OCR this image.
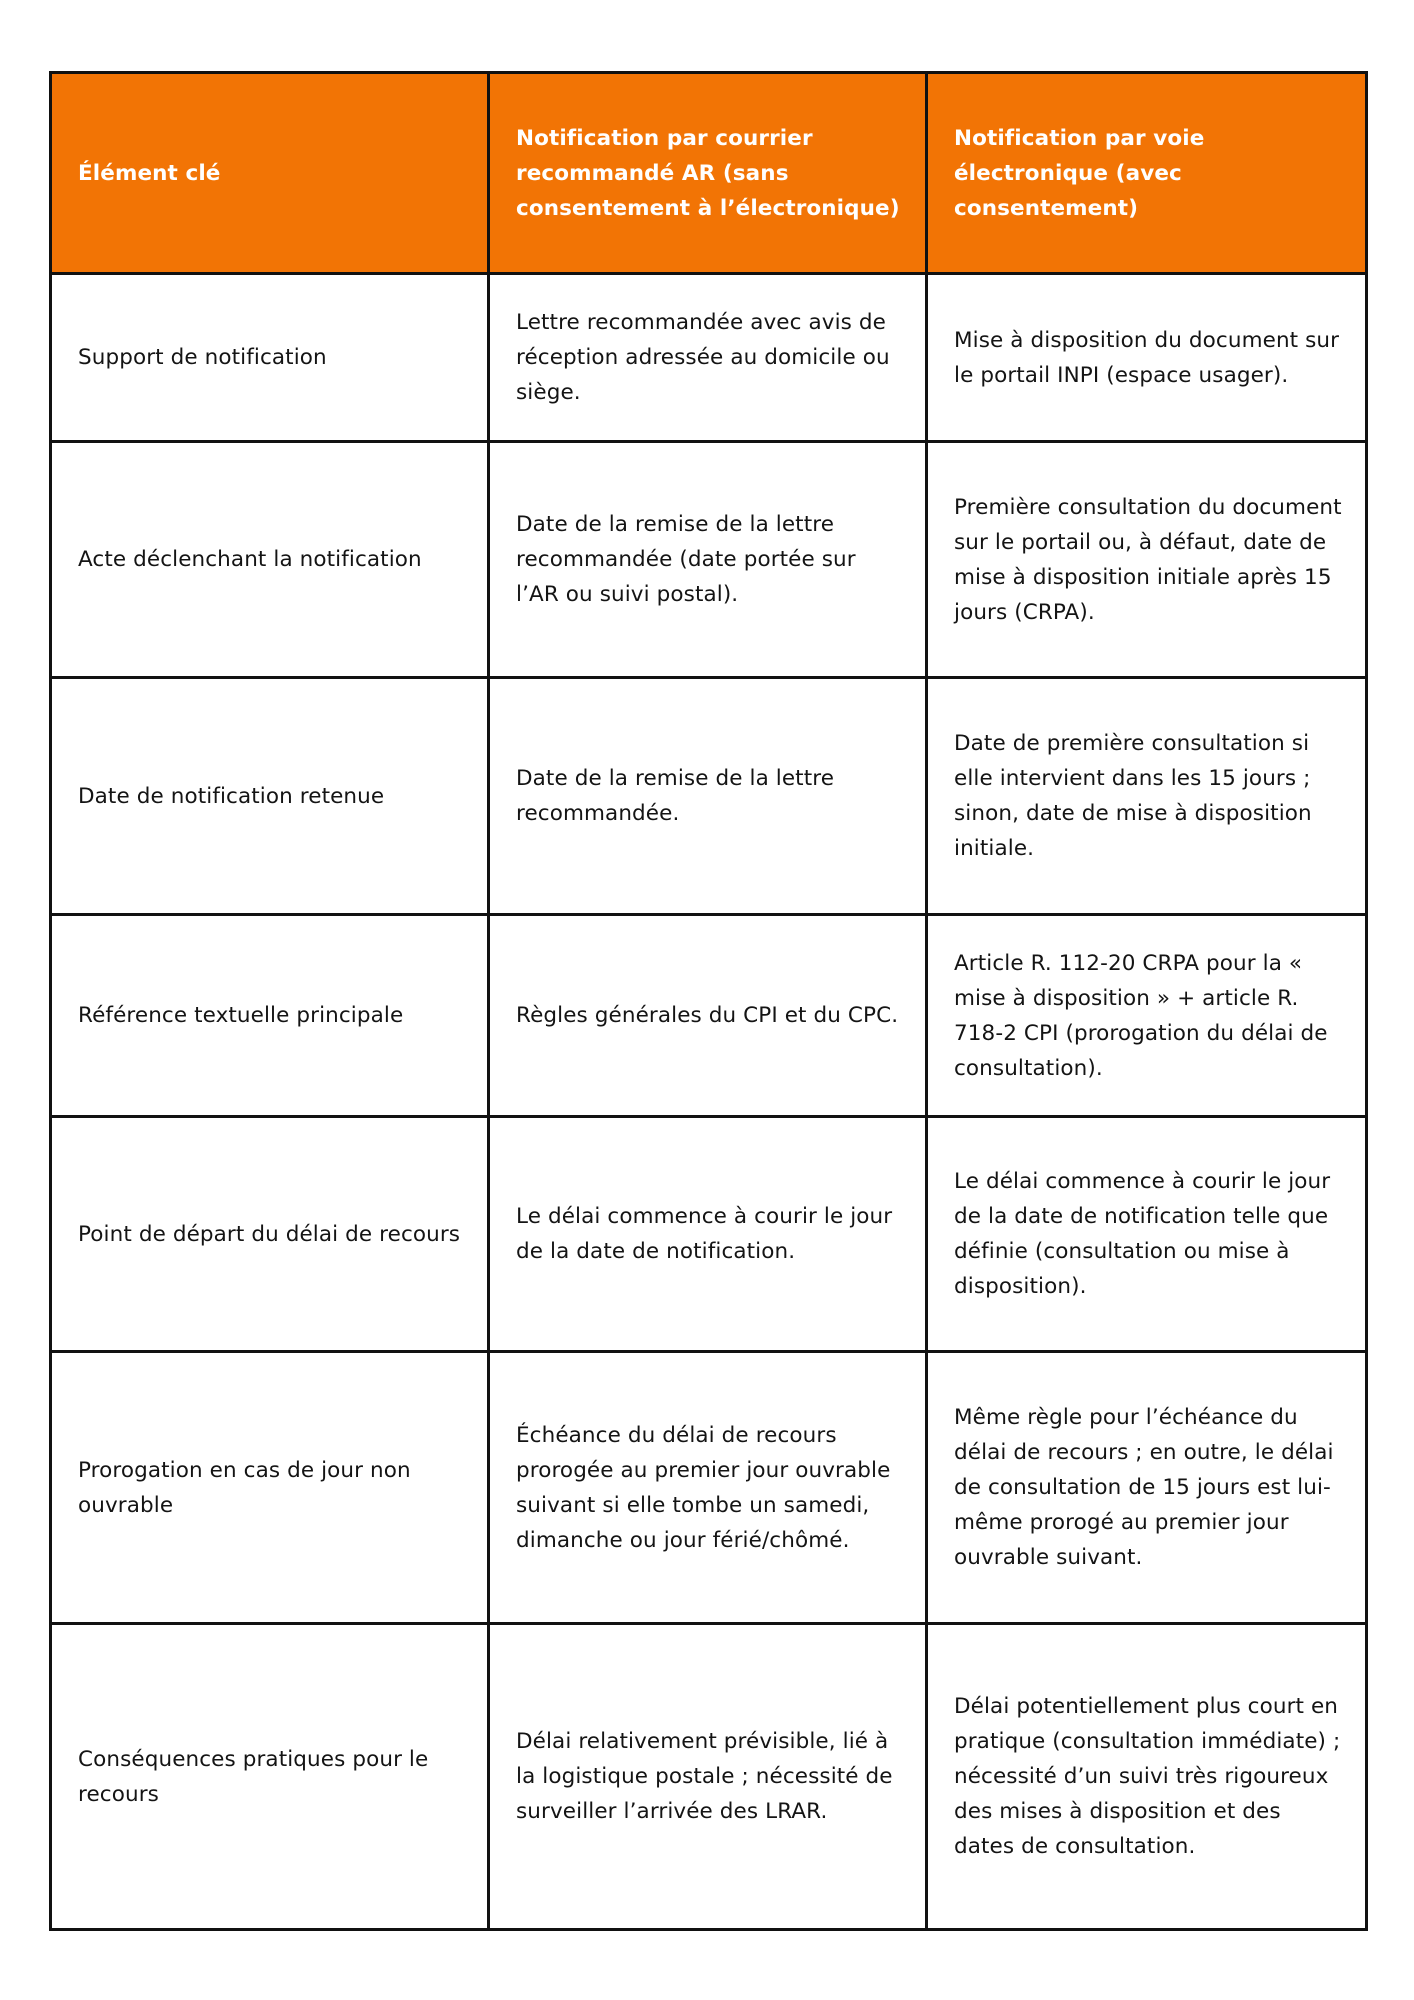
Élément clé	Notification par courrier recommandé AR (sans consentement à l’électronique)	Notification par voie électronique (avec consentement)
Support de notification	Lettre recommandée avec avis de réception adressée au domicile ou siège.	Mise à disposition du document sur le portail INPI (espace usager).
Acte déclenchant la notification	Date de la remise de la lettre recommandée (date portée sur l’AR ou suivi postal).	Première consultation du document sur le portail ou, à défaut, date de mise à disposition initiale après 15 jours (CRPA).
Date de notification retenue	Date de la remise de la lettre recommandée.	Date de première consultation si elle intervient dans les 15 jours ; sinon, date de mise à disposition initiale.
Référence textuelle principale	Règles générales du CPI et du CPC.	Article R. 112-20 CRPA pour la « mise à disposition » + article R. 718-2 CPI (prorogation du délai de consultation).
Point de départ du délai de recours	Le délai commence à courir le jour de la date de notification.	Le délai commence à courir le jour de la date de notification telle que définie (consultation ou mise à disposition).
Prorogation en cas de jour non ouvrable	Échéance du délai de recours prorogée au premier jour ouvrable suivant si elle tombe un samedi, dimanche ou jour férié/chômé.	Même règle pour l’échéance du délai de recours ; en outre, le délai de consultation de 15 jours est lui-même prorogé au premier jour ouvrable suivant.
Conséquences pratiques pour le recours	Délai relativement prévisible, lié à la logistique postale ; nécessité de surveiller l’arrivée des LRAR.	Délai potentiellement plus court en pratique (consultation immédiate) ; nécessité d’un suivi très rigoureux des mises à disposition et des dates de consultation.
